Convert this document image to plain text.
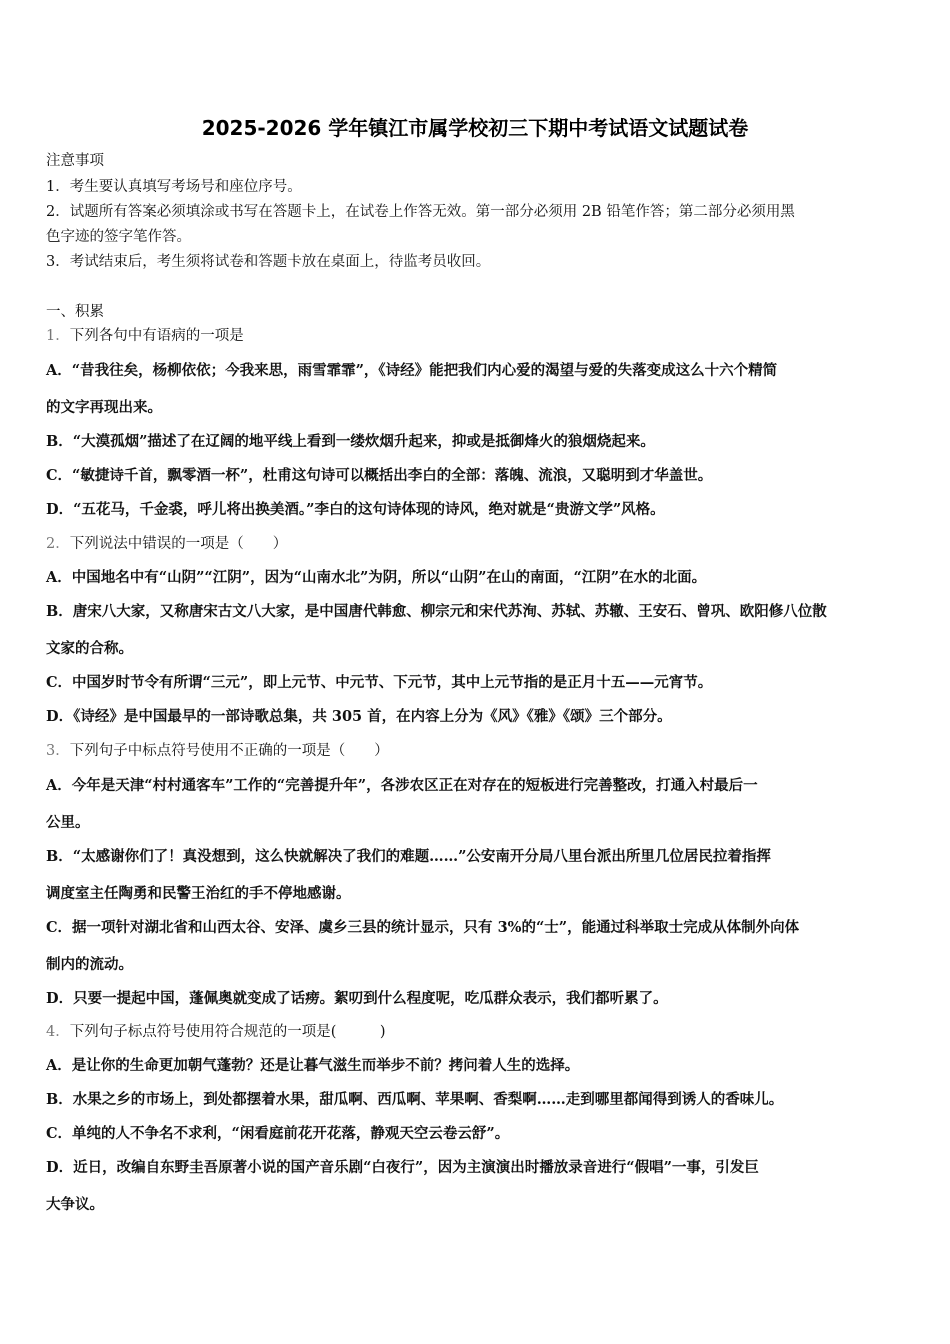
2025-2026 学年镇江市属学校初三下期中考试语文试题试卷
注意事项
1．考生要认真填写考场号和座位序号。
2．试题所有答案必须填涂或书写在答题卡上，在试卷上作答无效。第一部分必须用 2B 铅笔作答；第二部分必须用黑
色字迹的签字笔作答。
3．考试结束后，考生须将试卷和答题卡放在桌面上，待监考员收回。
一、积累
1．下列各句中有语病的一项是
A．“昔我往矣，杨柳依依；今我来思，雨雪霏霏”，《诗经》能把我们内心爱的渴望与爱的失落变成这么十六个精简
的文字再现出来。
B．“大漠孤烟”描述了在辽阔的地平线上看到一缕炊烟升起来，抑或是抵御烽火的狼烟烧起来。
C．“敏捷诗千首，飘零酒一杯”，杜甫这句诗可以概括出李白的全部：落魄、流浪，又聪明到才华盖世。
D．“五花马，千金裘，呼儿将出换美酒。”李白的这句诗体现的诗风，绝对就是“贵游文学”风格。
2．下列说法中错误的一项是（　　）
A．中国地名中有“山阴”“江阴”，因为“山南水北”为阴，所以“山阴”在山的南面，“江阴”在水的北面。
B．唐宋八大家，又称唐宋古文八大家，是中国唐代韩愈、柳宗元和宋代苏洵、苏轼、苏辙、王安石、曾巩、欧阳修八位散
文家的合称。
C．中国岁时节令有所谓“三元”，即上元节、中元节、下元节，其中上元节指的是正月十五——元宵节。
D．《诗经》是中国最早的一部诗歌总集，共 305 首，在内容上分为《风》《雅》《颂》三个部分。
3．下列句子中标点符号使用不正确的一项是（　　）
A．今年是天津“村村通客车”工作的“完善提升年”，各涉农区正在对存在的短板进行完善整改，打通入村最后一
公里。
B．“太感谢你们了！真没想到，这么快就解决了我们的难题……”公安南开分局八里台派出所里几位居民拉着指挥
调度室主任陶勇和民警王治红的手不停地感谢。
C．据一项针对湖北省和山西太谷、安泽、虞乡三县的统计显示，只有 3%的“士”，能通过科举取士完成从体制外向体
制内的流动。
D．只要一提起中国，蓬佩奥就变成了话痨。絮叨到什么程度呢，吃瓜群众表示，我们都听累了。
4．下列句子标点符号使用符合规范的一项是(　　　)
A．是让你的生命更加朝气蓬勃？还是让暮气滋生而举步不前？拷问着人生的选择。
B．水果之乡的市场上，到处都摆着水果，甜瓜啊、西瓜啊、苹果啊、香梨啊……走到哪里都闻得到诱人的香味儿。
C．单纯的人不争名不求利，“闲看庭前花开花落，静观天空云卷云舒”。
D．近日，改编自东野圭吾原著小说的国产音乐剧“白夜行”，因为主演演出时播放录音进行“假唱”一事，引发巨
大争议。
